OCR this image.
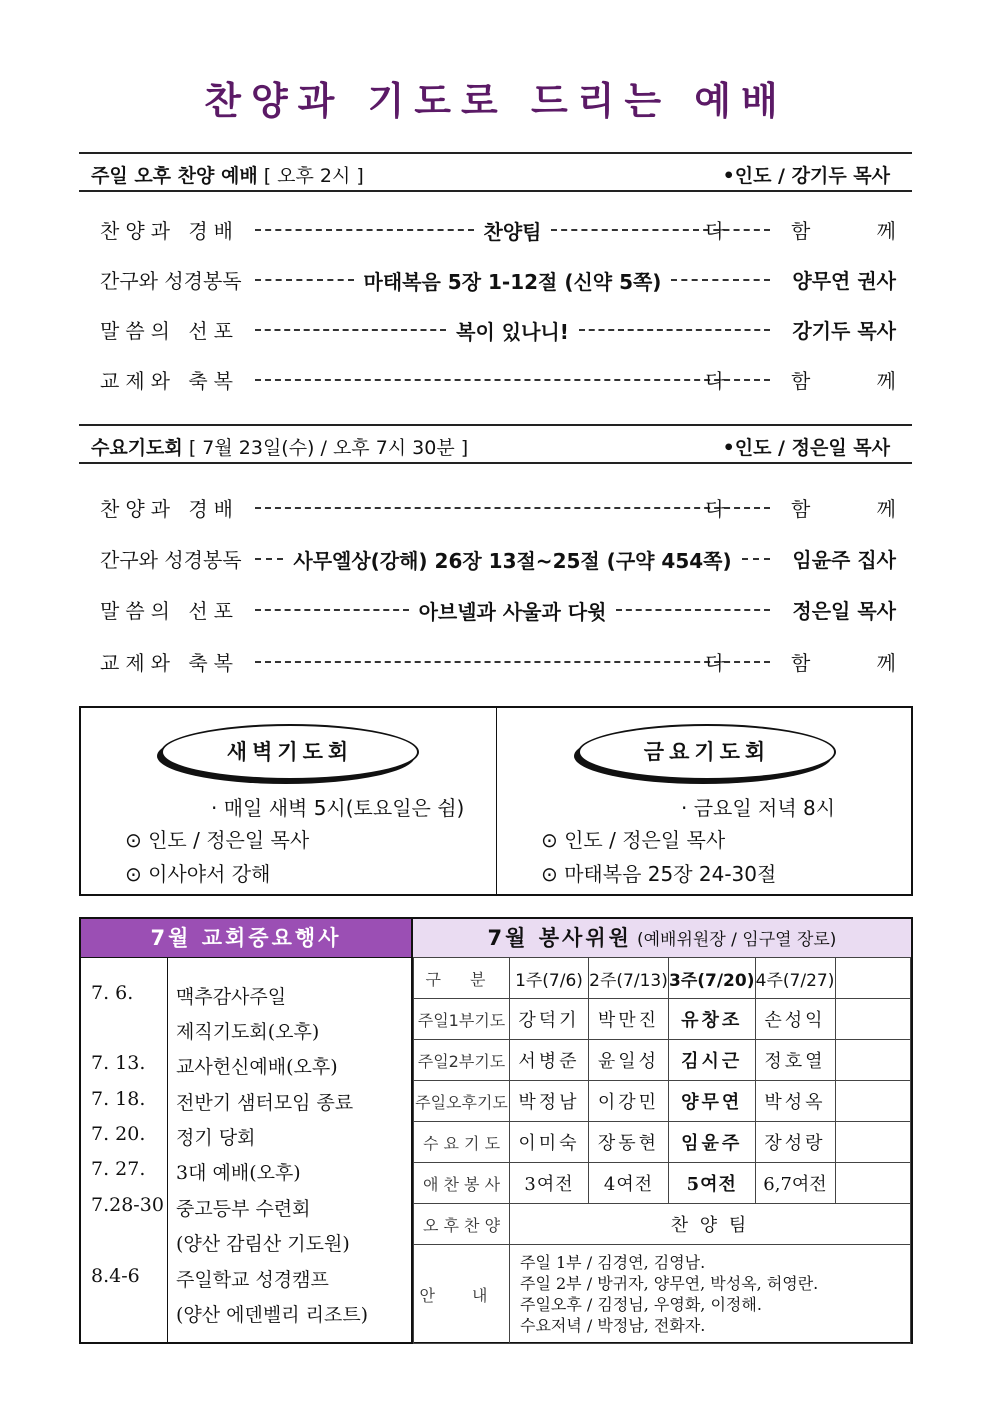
찬양과 기도로 드리는 예배
주일 오후 찬양 예배 [ 오후 2시 ]	•인도 / 강기두 목사
찬양과 경배	찬양팀	다 함 께
간구와 성경봉독	마태복음 5장 1-12절 (신약 5쪽)	양무연 권사
말씀의 선포	복이 있나니!	강기두 목사
교제와 축복	다 함 께
수요기도회 [ 7월 23일(수) / 오후 7시 30분 ]	•인도 / 정은일 목사
찬양과 경배	다 함 께
간구와 성경봉독	사무엘상(강해) 26장 13절~25절 (구약 454쪽)	임윤주 집사
말씀의 선포	아브넬과 사울과 다윗	정은일 목사
교제와 축복	다 함 께
새벽기도회
· 매일 새벽 5시(토요일은 쉼)
⊙ 인도 / 정은일 목사
⊙ 이사야서 강해
금요기도회
· 금요일 저녁 8시
⊙ 인도 / 정은일 목사
⊙ 마태복음 25장 24-30절
7월 교회중요행사
7. 6. 맥추감사주일
제직기도회(오후)
7. 13. 교사헌신예배(오후)
7. 18. 전반기 샘터모임 종료
7. 20. 정기 당회
7. 27. 3대 예배(오후)
7.28-30 중고등부 수련회
(양산 감림산 기도원)
8.4-6 주일학교 성경캠프
(양산 에덴벨리 리조트)
7월 봉사위원 (예배위원장 / 임구열 장로)
구 분	1주(7/6)	2주(7/13)	3주(7/20)	4주(7/27)	
주일1부기도	강덕기	박만진	유창조	손성익	
주일2부기도	서병준	윤일성	김시근	정호열	
주일오후기도	박정남	이강민	양무연	박성옥	
수 요 기 도	이미숙	장동현	임윤주	장성랑	
애 찬 봉 사	3여전	4여전	5여전	6,7여전	
오 후 찬 양	찬 양 팀				
안 내	주일 1부 / 김경연, 김영남.
주일 2부 / 방귀자, 양무연, 박성옥, 허영란.
주일오후 / 김정님, 우영화, 이정해.
수요저녁 / 박정남, 전화자.				
